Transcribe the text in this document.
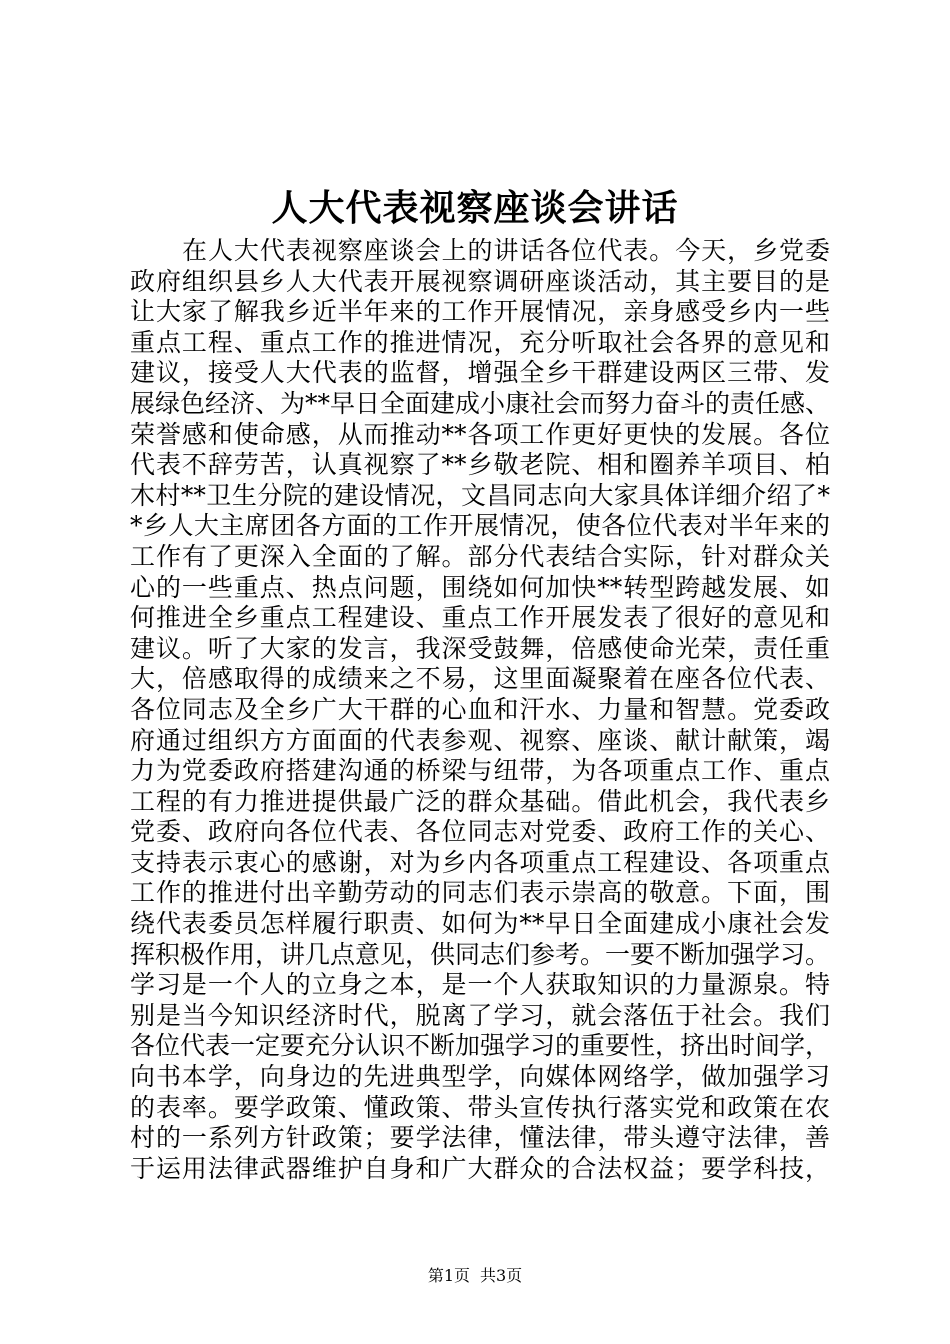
人大代表视察座谈会讲话
在人大代表视察座谈会上的讲话各位代表。今天，乡党委
政府组织县乡人大代表开展视察调研座谈活动，其主要目的是
让大家了解我乡近半年来的工作开展情况，亲身感受乡内一些
重点工程、重点工作的推进情况，充分听取社会各界的意见和
建议，接受人大代表的监督，增强全乡干群建设两区三带、发
展绿色经济、为**早日全面建成小康社会而努力奋斗的责任感、
荣誉感和使命感，从而推动**各项工作更好更快的发展。各位
代表不辞劳苦，认真视察了**乡敬老院、相和圈养羊项目、柏
木村**卫生分院的建设情况，文昌同志向大家具体详细介绍了*
*乡人大主席团各方面的工作开展情况，使各位代表对半年来的
工作有了更深入全面的了解。部分代表结合实际，针对群众关
心的一些重点、热点问题，围绕如何加快**转型跨越发展、如
何推进全乡重点工程建设、重点工作开展发表了很好的意见和
建议。听了大家的发言，我深受鼓舞，倍感使命光荣，责任重
大，倍感取得的成绩来之不易，这里面凝聚着在座各位代表、
各位同志及全乡广大干群的心血和汗水、力量和智慧。党委政
府通过组织方方面面的代表参观、视察、座谈、献计献策，竭
力为党委政府搭建沟通的桥梁与纽带，为各项重点工作、重点
工程的有力推进提供最广泛的群众基础。借此机会，我代表乡
党委、政府向各位代表、各位同志对党委、政府工作的关心、
支持表示衷心的感谢，对为乡内各项重点工程建设、各项重点
工作的推进付出辛勤劳动的同志们表示崇高的敬意。下面，围
绕代表委员怎样履行职责、如何为**早日全面建成小康社会发
挥积极作用，讲几点意见，供同志们参考。一要不断加强学习。
学习是一个人的立身之本，是一个人获取知识的力量源泉。特
别是当今知识经济时代，脱离了学习，就会落伍于社会。我们
各位代表一定要充分认识不断加强学习的重要性，挤出时间学，
向书本学，向身边的先进典型学，向媒体网络学，做加强学习
的表率。要学政策、懂政策、带头宣传执行落实党和政策在农
村的一系列方针政策；要学法律，懂法律，带头遵守法律，善
于运用法律武器维护自身和广大群众的合法权益；要学科技，
第1页 共3页
